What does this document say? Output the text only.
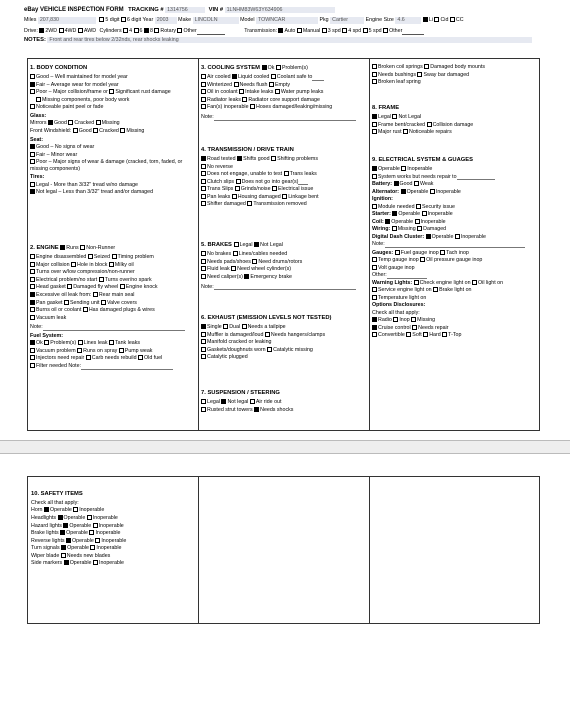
eBay VEHICLE INSPECTION FORM TRACKING # 1314756	VIN # 1LNHM83W63Y634906
Miles 207,830	5 digit 6 digit Year 2003 Make LINCOLN	Model TOWNCAR	Pkg Cartier	Engine Size 4.6	Li Cid CC
Drive: 2WD 4WD AWD Cylinders 4 6 8 Rotary Other	Transmission: Auto Manual 3 spd 4 spd 5 spd Other
NOTES: Front and rear tires below 2/32nds, rear shocks leaking
1. BODY CONDITION
Good – Well maintained for model year
Fair – Average wear for model year
Poor – Major collision/frame or Significant rust damage
Missing components, poor body work
Noticeable paint peel or fade
Glass:
Mirrors Good Cracked Missing
Front Windshield: Good Cracked Missing
Seat:
Good – No signs of wear
Fair – Minor wear
Poor – Major signs of wear & damage (cracked, torn, faded, or missing components)
Tires:
Legal - More than 3/32" tread w/no damage
Not legal – Less than 3/32" tread and/or damaged
2. ENGINE Runs Non-Runner
Engine disassembled Seized Timing problem
Major collision Hole in block Milky oil
Turns over w/low compression/non-runner
Electrical problem/no start Turns over/no spark
Head gasket Damaged fly wheel Engine knock
Excessive oil leak from: Rear main seal
Pan gasket Sending unit Valve covers
Burns oil or coolant Has damaged plugs & wires
Vacuum leak
Note:
Fuel System:
Ok Problem(s) Lines leak Tank leaks
Vacuum problem Runs on spray Pump weak
Injectors need repair Carb needs rebuild Old fuel
Filter needed Note:
3. COOLING SYSTEM Ok Problem(s)
Air cooled Liquid cooled Coolant safe to
Winterized Needs flush Empty
Oil in coolant Intake leaks Water pump leaks
Radiator leaks Radiator core support damage
Fan(s) inoperable Hoses damaged/leaking/missing
Note:
4. TRANSMISSION / DRIVE TRAIN
Road tested Shifts good Shifting problems
No reverse
Does not engage, unable to test Trans leaks
Clutch slips Does not go into gear(s)
Trans Slips Grinds/noise Electrical issue
Pan leaks Housing damaged Linkage bent
Shifter damaged Transmission removed
5. BRAKES Legal Not Legal
No brakes Lines/cables needed
Needs pads/shoes Need drums/rotors
Fluid leak Need wheel cylinder(s)
Need caliper(s) Emergency brake
Note:
6. EXHAUST (EMISSION LEVELS NOT TESTED)
Single Dual Needs a tailpipe
Muffler is damaged/loud Needs hangers/clamps
Manifold cracked or leaking
Gaskets/doughnuts worn Catalytic missing
Catalytic plugged
7. SUSPENSION / STEERING
Legal Not legal Air ride out
Rusted strut towers Needs shocks
Broken coil springs Damaged body mounts
Needs bushings Sway bar damaged
Broken leaf spring
8. FRAME
Legal Not Legal
Frame bent/cracked Collision damage
Major rust Noticeable repairs
9. ELECTRICAL SYSTEM & GUAGES
Operable Inoperable
System works but needs repair to
Battery: Good Weak
Alternator: Operable Inoperable
Ignition:
Module needed Security issue
Starter: Operable Inoperable
Coil: Operable Inoperable
Wiring: Missing Damaged
Digital Dash Cluster: Operable Inoperable
Note:
Gauges: Fuel gauge inop Tach inop
Temp gauge inop Oil pressure gauge inop
Volt gauge inop
Other:
Warning Lights: Check engine light on Oil light on
Service engine light on Brake light on
Temperature light on
Options Disclosures:
Check all that apply:
Radio Inop Missing
Cruise control Needs repair
Convertible Soft Hard T-Top
10. SAFETY ITEMS
Check all that apply:
Horn Operable Inoperable
Headlights Operable Inoperable
Hazard lights Operable Inoperable
Brake lights Operable Inoperable
Reverse lights Operable Inoperable
Turn signals Operable Inoperable
Wiper blade Needs new blades
Side markers Operable Inoperable
